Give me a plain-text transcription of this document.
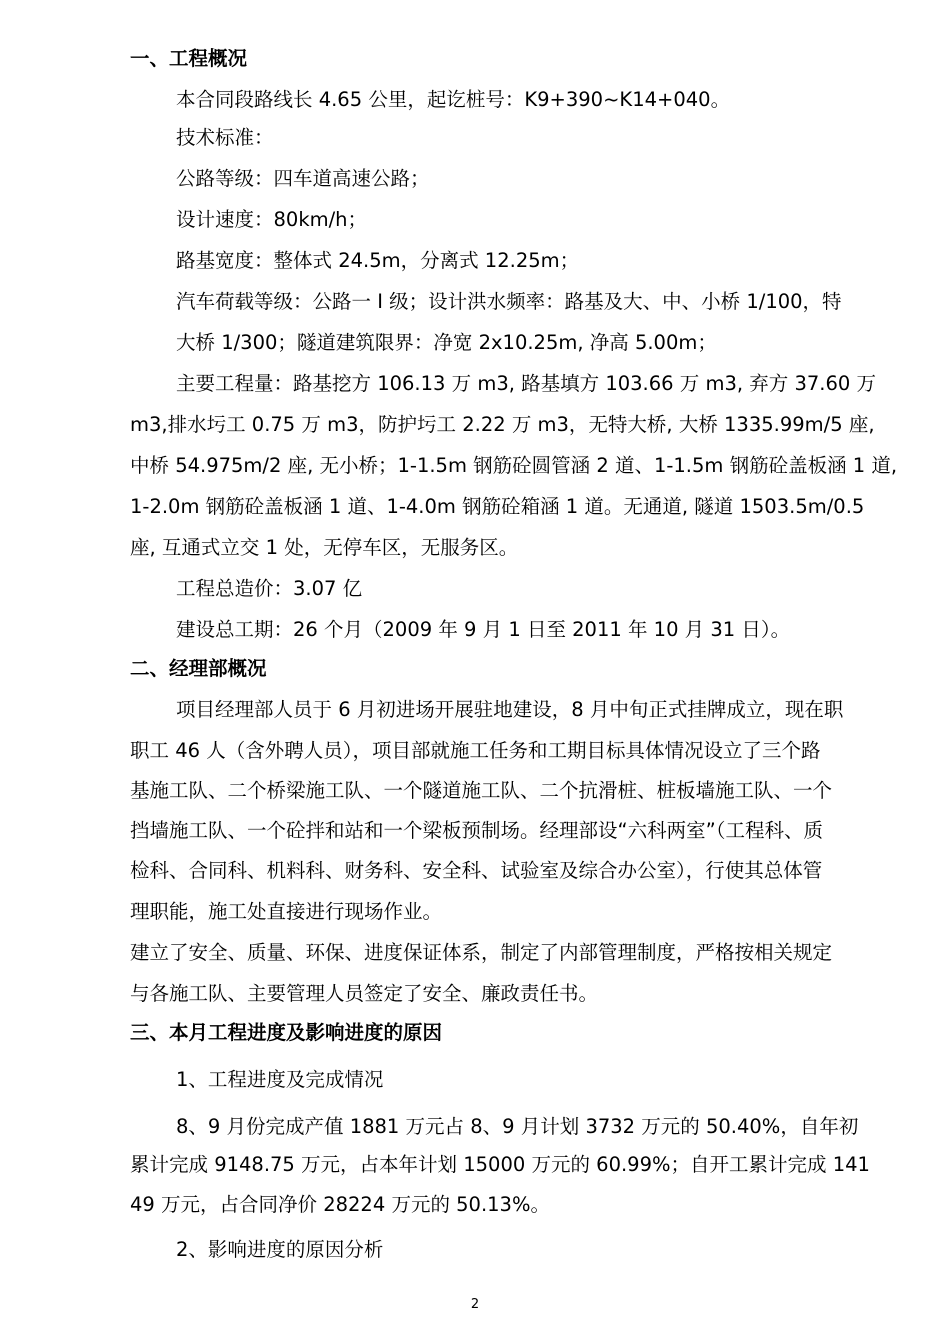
一、工程概况
本合同段路线长 4.65 公里，起讫桩号：K9+390~K14+040。
技术标准：
公路等级：四车道高速公路；
设计速度：80km/h；
路基宽度：整体式 24.5m，分离式 12.25m；
汽车荷载等级：公路一 I 级；设计洪水频率：路基及大、中、小桥 1/100，特
大桥 1/300；隧道建筑限界：净宽 2x10.25m, 净高 5.00m；
主要工程量：路基挖方 106.13 万 m3, 路基填方 103.66 万 m3, 弃方 37.60 万
m3,排水圬工 0.75 万 m3，防护圬工 2.22 万 m3，无特大桥, 大桥 1335.99m/5 座,
中桥 54.975m/2 座, 无小桥；1-1.5m 钢筋砼圆管涵 2 道、1-1.5m 钢筋砼盖板涵 1 道,
1-2.0m 钢筋砼盖板涵 1 道、1-4.0m 钢筋砼箱涵 1 道。无通道, 隧道 1503.5m/0.5
座, 互通式立交 1 处，无停车区，无服务区。
工程总造价：3.07 亿
建设总工期：26 个月（2009 年 9 月 1 日至 2011 年 10 月 31 日）。
二、经理部概况
项目经理部人员于 6 月初进场开展驻地建设，8 月中旬正式挂牌成立，现在职
职工 46 人（含外聘人员），项目部就施工任务和工期目标具体情况设立了三个路
基施工队、二个桥梁施工队、一个隧道施工队、二个抗滑桩、桩板墙施工队、一个
挡墙施工队、一个砼拌和站和一个梁板预制场。经理部设“六科两室”（工程科、质
检科、合同科、机料科、财务科、安全科、试验室及综合办公室），行使其总体管
理职能，施工处直接进行现场作业。
建立了安全、质量、环保、进度保证体系，制定了内部管理制度，严格按相关规定
与各施工队、主要管理人员签定了安全、廉政责任书。
三、本月工程进度及影响进度的原因
1、工程进度及完成情况
8、9 月份完成产值 1881 万元占 8、9 月计划 3732 万元的 50.40%，自年初
累计完成 9148.75 万元，占本年计划 15000 万元的 60.99%；自开工累计完成 141
49 万元，占合同净价 28224 万元的 50.13%。
2、影响进度的原因分析
2
